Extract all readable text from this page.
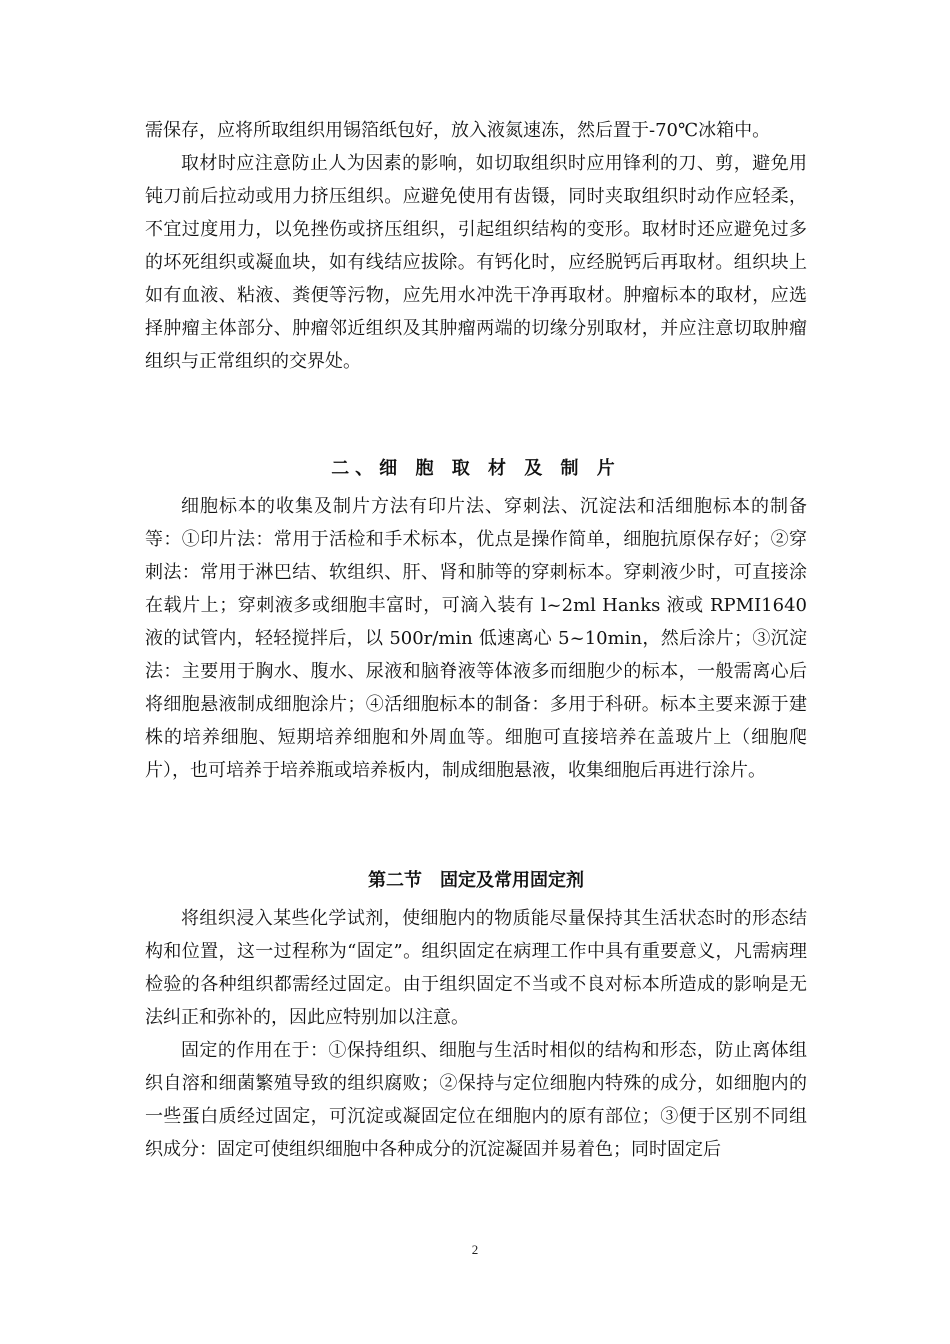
需保存，应将所取组织用锡箔纸包好，放入液氮速冻，然后置于-70℃冰箱中。

取材时应注意防止人为因素的影响，如切取组织时应用锋利的刀、剪，避免用钝刀前后拉动或用力挤压组织。应避免使用有齿镊，同时夹取组织时动作应轻柔，不宜过度用力，以免挫伤或挤压组织，引起组织结构的变形。取材时还应避免过多的坏死组织或凝血块，如有线结应拔除。有钙化时，应经脱钙后再取材。组织块上如有血液、粘液、粪便等污物，应先用水冲洗干净再取材。肿瘤标本的取材，应选择肿瘤主体部分、肿瘤邻近组织及其肿瘤两端的切缘分别取材，并应注意切取肿瘤组织与正常组织的交界处。

二、细 胞 取 材 及 制 片

细胞标本的收集及制片方法有印片法、穿刺法、沉淀法和活细胞标本的制备等：①印片法：常用于活检和手术标本，优点是操作简单，细胞抗原保存好；②穿刺法：常用于淋巴结、软组织、肝、肾和肺等的穿刺标本。穿刺液少时，可直接涂在载片上；穿刺液多或细胞丰富时，可滴入装有 l~2ml Hanks 液或 RPMI1640 液的试管内，轻轻搅拌后，以 500r/min 低速离心 5~10min，然后涂片；③沉淀法：主要用于胸水、腹水、尿液和脑脊液等体液多而细胞少的标本，一般需离心后将细胞悬液制成细胞涂片；④活细胞标本的制备：多用于科研。标本主要来源于建株的培养细胞、短期培养细胞和外周血等。细胞可直接培养在盖玻片上（细胞爬片），也可培养于培养瓶或培养板内，制成细胞悬液，收集细胞后再进行涂片。

第二节　固定及常用固定剂

将组织浸入某些化学试剂，使细胞内的物质能尽量保持其生活状态时的形态结构和位置，这一过程称为“固定”。组织固定在病理工作中具有重要意义，凡需病理检验的各种组织都需经过固定。由于组织固定不当或不良对标本所造成的影响是无法纠正和弥补的，因此应特别加以注意。

固定的作用在于：①保持组织、细胞与生活时相似的结构和形态，防止离体组织自溶和细菌繁殖导致的组织腐败；②保持与定位细胞内特殊的成分，如细胞内的一些蛋白质经过固定，可沉淀或凝固定位在细胞内的原有部位；③便于区别不同组织成分：固定可使组织细胞中各种成分的沉淀凝固并易着色；同时固定后

2
